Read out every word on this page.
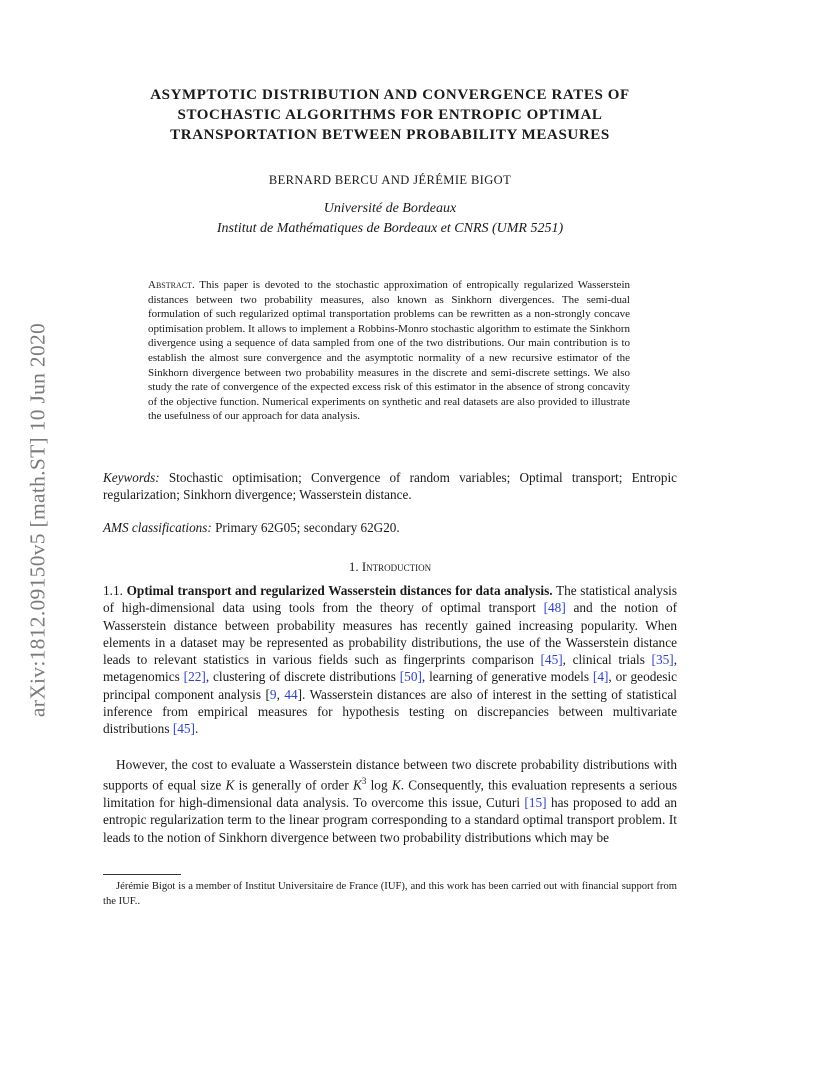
arXiv:1812.09150v5 [math.ST] 10 Jun 2020
ASYMPTOTIC DISTRIBUTION AND CONVERGENCE RATES OF
STOCHASTIC ALGORITHMS FOR ENTROPIC OPTIMAL
TRANSPORTATION BETWEEN PROBABILITY MEASURES
BERNARD BERCU AND JÉRÉMIE BIGOT
Université de Bordeaux
Institut de Mathématiques de Bordeaux et CNRS (UMR 5251)
Abstract. This paper is devoted to the stochastic approximation of entropically regularized Wasserstein distances between two probability measures, also known as Sinkhorn divergences. The semi-dual formulation of such regularized optimal transportation problems can be rewritten as a non-strongly concave optimisation problem. It allows to implement a Robbins-Monro stochastic algorithm to estimate the Sinkhorn divergence using a sequence of data sampled from one of the two distributions. Our main contribution is to establish the almost sure convergence and the asymptotic normality of a new recursive estimator of the Sinkhorn divergence between two probability measures in the discrete and semi-discrete settings. We also study the rate of convergence of the expected excess risk of this estimator in the absence of strong concavity of the objective function. Numerical experiments on synthetic and real datasets are also provided to illustrate the usefulness of our approach for data analysis.
Keywords: Stochastic optimisation; Convergence of random variables; Optimal transport; Entropic regularization; Sinkhorn divergence; Wasserstein distance.
AMS classifications: Primary 62G05; secondary 62G20.
1. Introduction
1.1. Optimal transport and regularized Wasserstein distances for data analysis. The statistical analysis of high-dimensional data using tools from the theory of optimal transport [48] and the notion of Wasserstein distance between probability measures has recently gained increasing popularity. When elements in a dataset may be represented as probability distributions, the use of the Wasserstein distance leads to relevant statistics in various fields such as fingerprints comparison [45], clinical trials [35], metagenomics [22], clustering of discrete distributions [50], learning of generative models [4], or geodesic principal component analysis [9, 44]. Wasserstein distances are also of interest in the setting of statistical inference from empirical measures for hypothesis testing on discrepancies between multivariate distributions [45].
However, the cost to evaluate a Wasserstein distance between two discrete probability distributions with supports of equal size K is generally of order $K^3$ log K. Consequently, this evaluation represents a serious limitation for high-dimensional data analysis. To overcome this issue, Cuturi [15] has proposed to add an entropic regularization term to the linear program corresponding to a standard optimal transport problem. It leads to the notion of Sinkhorn divergence between two probability distributions which may be
Jérémie Bigot is a member of Institut Universitaire de France (IUF), and this work has been carried out with financial support from the IUF..
